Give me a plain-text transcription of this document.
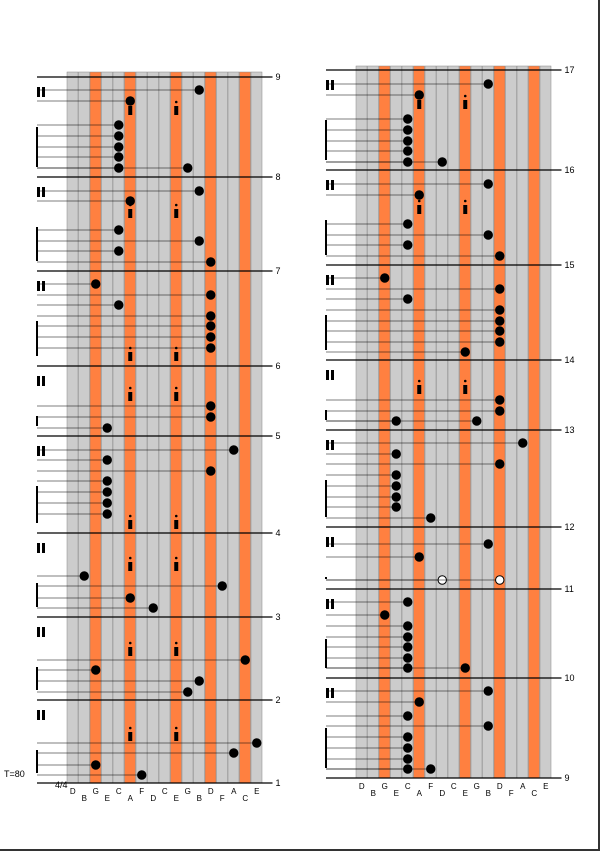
D
B
G
E
C
A
F
D
C
E
G
B
D
F
A
C
E
9
8
7
6
5
4
3
2
1	D
B
G
E
C
A
F
D
C
E
G
B
D
F
A
C
E
17
16
15
14
13
12
11
10
9
T=80
4/4
